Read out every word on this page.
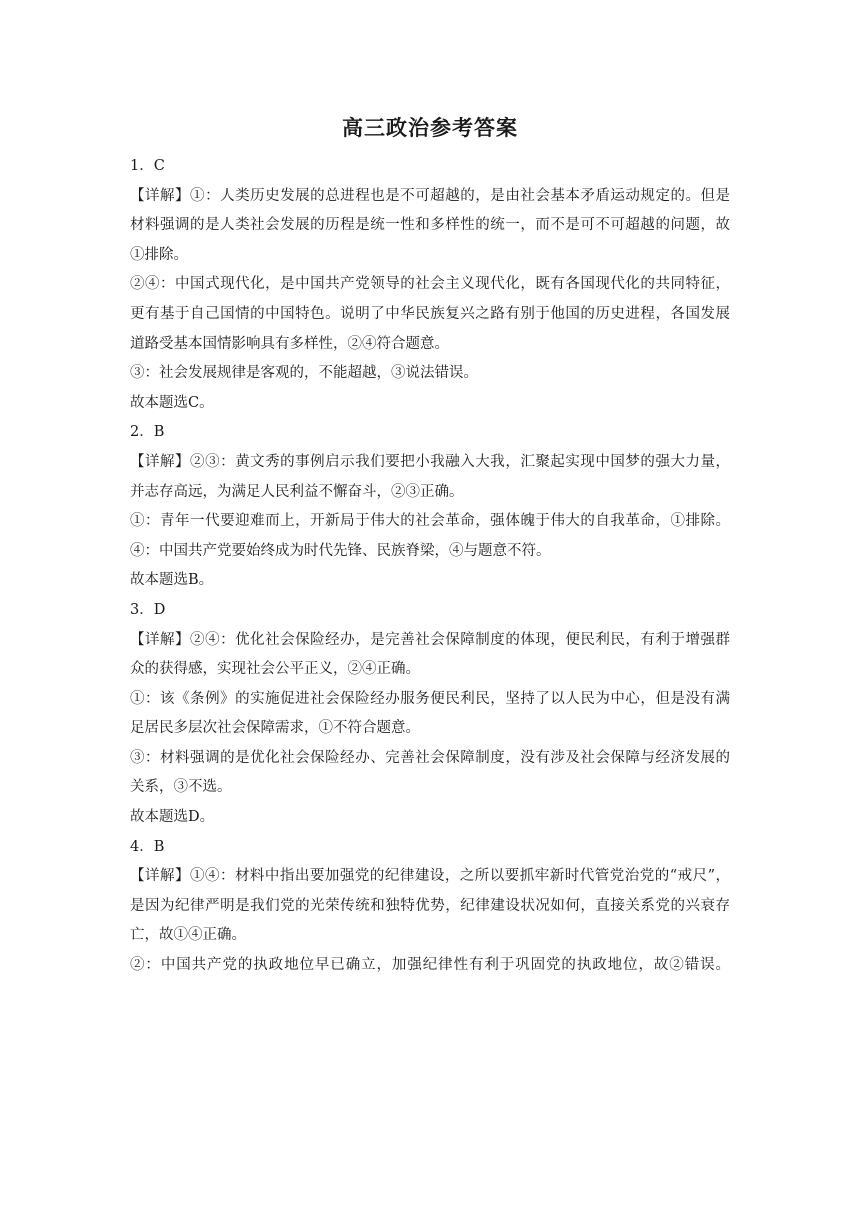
高三政治参考答案
1．C
【详解】①：人类历史发展的总进程也是不可超越的，是由社会基本矛盾运动规定的。但是
材料强调的是人类社会发展的历程是统一性和多样性的统一，而不是可不可超越的问题，故
①排除。
②④：中国式现代化，是中国共产党领导的社会主义现代化，既有各国现代化的共同特征，
更有基于自己国情的中国特色。说明了中华民族复兴之路有别于他国的历史进程，各国发展
道路受基本国情影响具有多样性，②④符合题意。
③：社会发展规律是客观的，不能超越，③说法错误。
故本题选C。
2．B
【详解】②③：黄文秀的事例启示我们要把小我融入大我，汇聚起实现中国梦的强大力量，
并志存高远，为满足人民利益不懈奋斗，②③正确。
①：青年一代要迎难而上，开新局于伟大的社会革命，强体魄于伟大的自我革命，①排除。
④：中国共产党要始终成为时代先锋、民族脊梁，④与题意不符。
故本题选B。
3．D
【详解】②④：优化社会保险经办，是完善社会保障制度的体现，便民利民，有利于增强群
众的获得感，实现社会公平正义，②④正确。
①：该《条例》的实施促进社会保险经办服务便民利民，坚持了以人民为中心，但是没有满
足居民多层次社会保障需求，①不符合题意。
③：材料强调的是优化社会保险经办、完善社会保障制度，没有涉及社会保障与经济发展的
关系，③不选。
故本题选D。
4．B
【详解】①④：材料中指出要加强党的纪律建设，之所以要抓牢新时代管党治党的“戒尺”，
是因为纪律严明是我们党的光荣传统和独特优势，纪律建设状况如何，直接关系党的兴衰存
亡，故①④正确。
②：中国共产党的执政地位早已确立，加强纪律性有利于巩固党的执政地位，故②错误。
